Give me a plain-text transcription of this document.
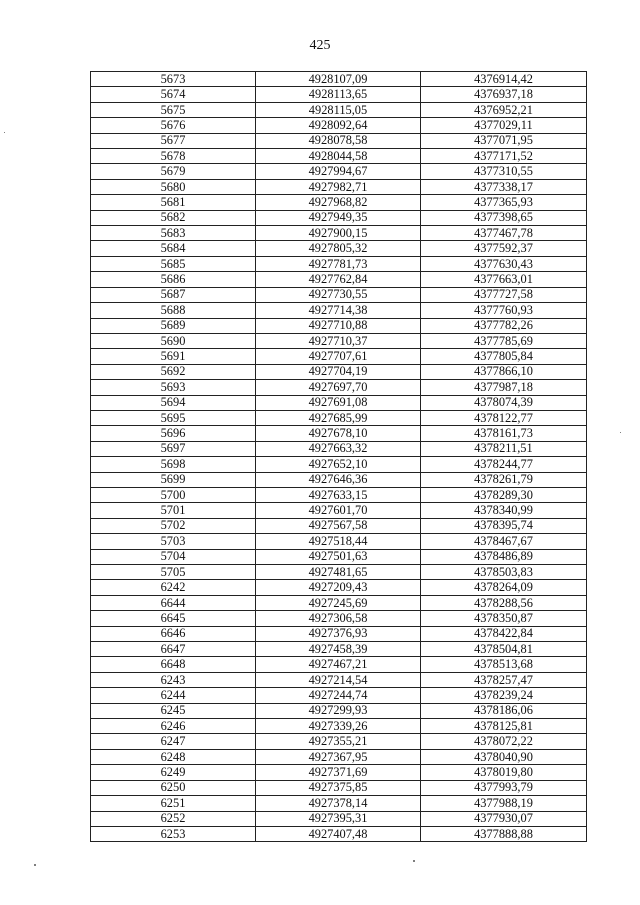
425
5673	4928107,09	4376914,42
5674	4928113,65	4376937,18
5675	4928115,05	4376952,21
5676	4928092,64	4377029,11
5677	4928078,58	4377071,95
5678	4928044,58	4377171,52
5679	4927994,67	4377310,55
5680	4927982,71	4377338,17
5681	4927968,82	4377365,93
5682	4927949,35	4377398,65
5683	4927900,15	4377467,78
5684	4927805,32	4377592,37
5685	4927781,73	4377630,43
5686	4927762,84	4377663,01
5687	4927730,55	4377727,58
5688	4927714,38	4377760,93
5689	4927710,88	4377782,26
5690	4927710,37	4377785,69
5691	4927707,61	4377805,84
5692	4927704,19	4377866,10
5693	4927697,70	4377987,18
5694	4927691,08	4378074,39
5695	4927685,99	4378122,77
5696	4927678,10	4378161,73
5697	4927663,32	4378211,51
5698	4927652,10	4378244,77
5699	4927646,36	4378261,79
5700	4927633,15	4378289,30
5701	4927601,70	4378340,99
5702	4927567,58	4378395,74
5703	4927518,44	4378467,67
5704	4927501,63	4378486,89
5705	4927481,65	4378503,83
6242	4927209,43	4378264,09
6644	4927245,69	4378288,56
6645	4927306,58	4378350,87
6646	4927376,93	4378422,84
6647	4927458,39	4378504,81
6648	4927467,21	4378513,68
6243	4927214,54	4378257,47
6244	4927244,74	4378239,24
6245	4927299,93	4378186,06
6246	4927339,26	4378125,81
6247	4927355,21	4378072,22
6248	4927367,95	4378040,90
6249	4927371,69	4378019,80
6250	4927375,85	4377993,79
6251	4927378,14	4377988,19
6252	4927395,31	4377930,07
6253	4927407,48	4377888,88
